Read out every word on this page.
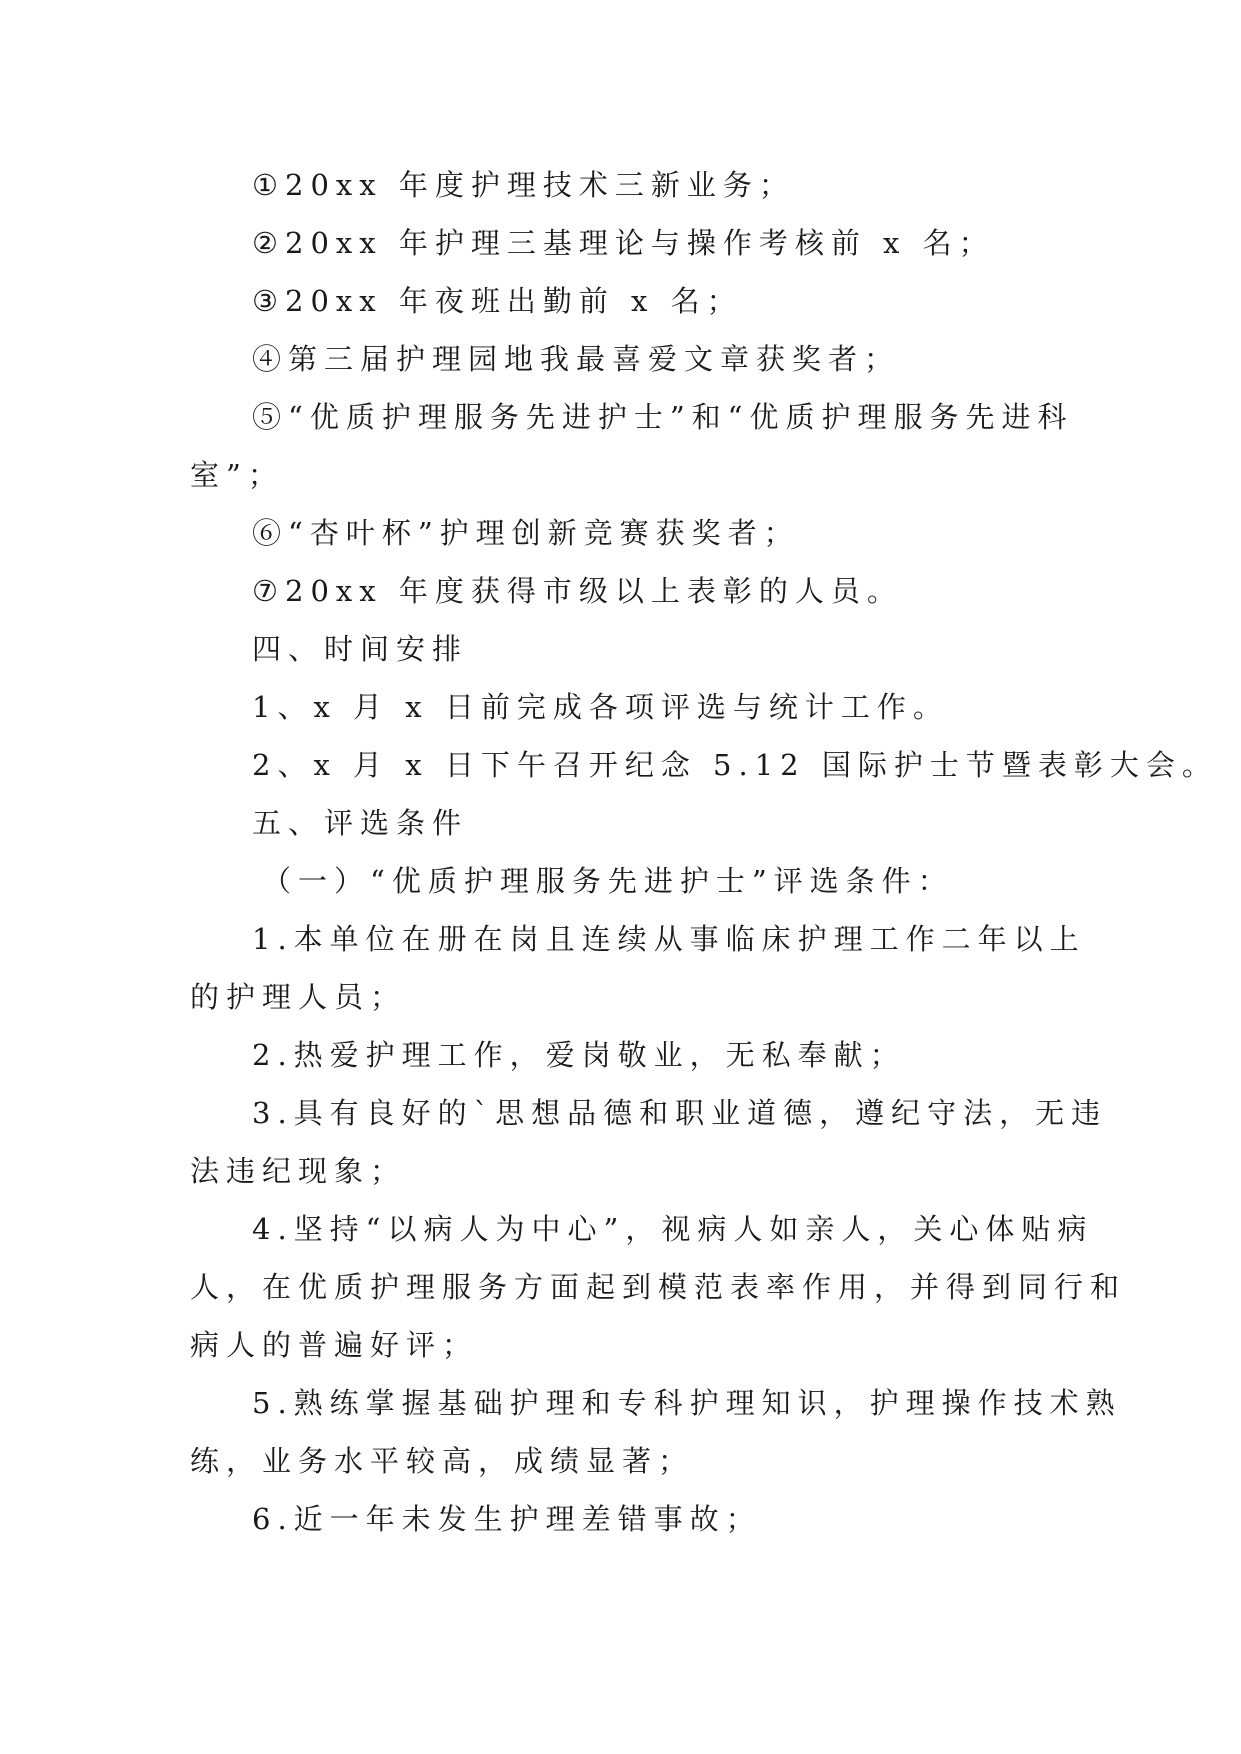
①20xx 年度护理技术三新业务；
②20xx 年护理三基理论与操作考核前 x 名；
③20xx 年夜班出勤前 x 名；
④第三届护理园地我最喜爱文章获奖者；
⑤“优质护理服务先进护士”和“优质护理服务先进科
室”；
⑥“杏叶杯”护理创新竞赛获奖者；
⑦20xx 年度获得市级以上表彰的人员。
四、时间安排
1、x 月 x 日前完成各项评选与统计工作。
2、x 月 x 日下午召开纪念 5.12 国际护士节暨表彰大会。
五、评选条件
（一）“优质护理服务先进护士”评选条件：
1.本单位在册在岗且连续从事临床护理工作二年以上
的护理人员；
2.热爱护理工作，爱岗敬业，无私奉献；
3.具有良好的`思想品德和职业道德，遵纪守法，无违
法违纪现象；
4.坚持“以病人为中心”，视病人如亲人，关心体贴病
人，在优质护理服务方面起到模范表率作用，并得到同行和
病人的普遍好评；
5.熟练掌握基础护理和专科护理知识，护理操作技术熟
练，业务水平较高，成绩显著；
6.近一年未发生护理差错事故；
